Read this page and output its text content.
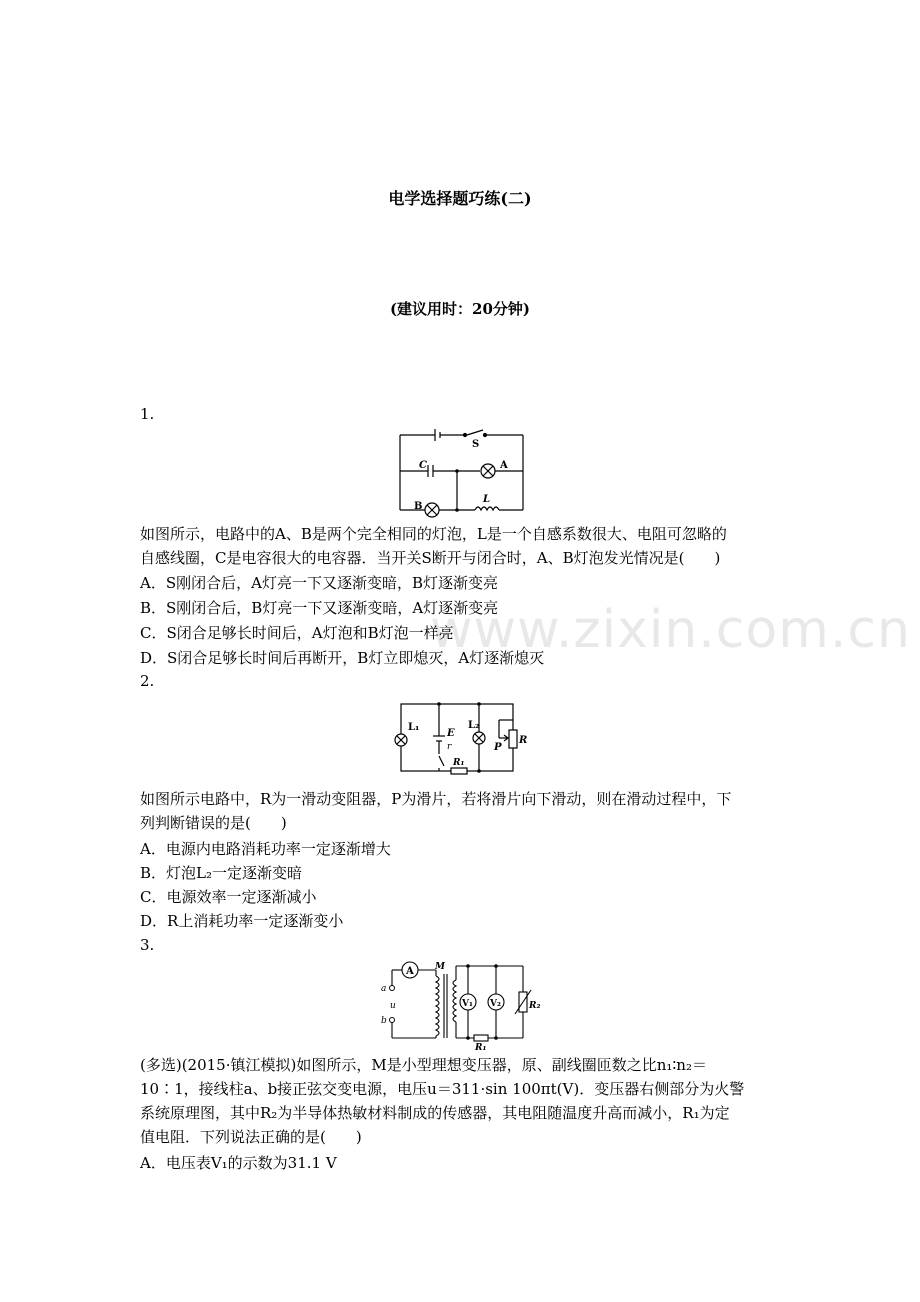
www.zixin.com.cn
电学选择题巧练(二)
(建议用时：20分钟)
1.
S
C	A
B
L
如图所示，电路中的A、B是两个完全相同的灯泡，L是一个自感系数很大、电阻可忽略的
自感线圈，C是电容很大的电容器．当开关S断开与闭合时，A、B灯泡发光情况是(　　)
A．S刚闭合后，A灯亮一下又逐渐变暗，B灯逐渐变亮
B．S刚闭合后，B灯亮一下又逐渐变暗，A灯逐渐变亮
C．S闭合足够长时间后，A灯泡和B灯泡一样亮
D．S闭合足够长时间后再断开，B灯立即熄灭，A灯逐渐熄灭
2.
L₁
E
r
L₂
P
R
R₁
如图所示电路中，R为一滑动变阻器，P为滑片，若将滑片向下滑动，则在滑动过程中，下
列判断错误的是(　　)
A．电源内电路消耗功率一定逐渐增大
B．灯泡L₂一定逐渐变暗
C．电源效率一定逐渐减小
D．R上消耗功率一定逐渐变小
3.
A M
a
u
b
V₁ V₂	R₂
R₁
(多选)(2015·镇江模拟)如图所示，M是小型理想变压器，原、副线圈匝数之比n₁∶n₂＝
10∶1，接线柱a、b接正弦交变电源，电压u＝311·sin 100πt(V)．变压器右侧部分为火警
系统原理图，其中R₂为半导体热敏材料制成的传感器，其电阻随温度升高而减小，R₁为定
值电阻．下列说法正确的是(　　)
A．电压表V₁的示数为31.1 V
